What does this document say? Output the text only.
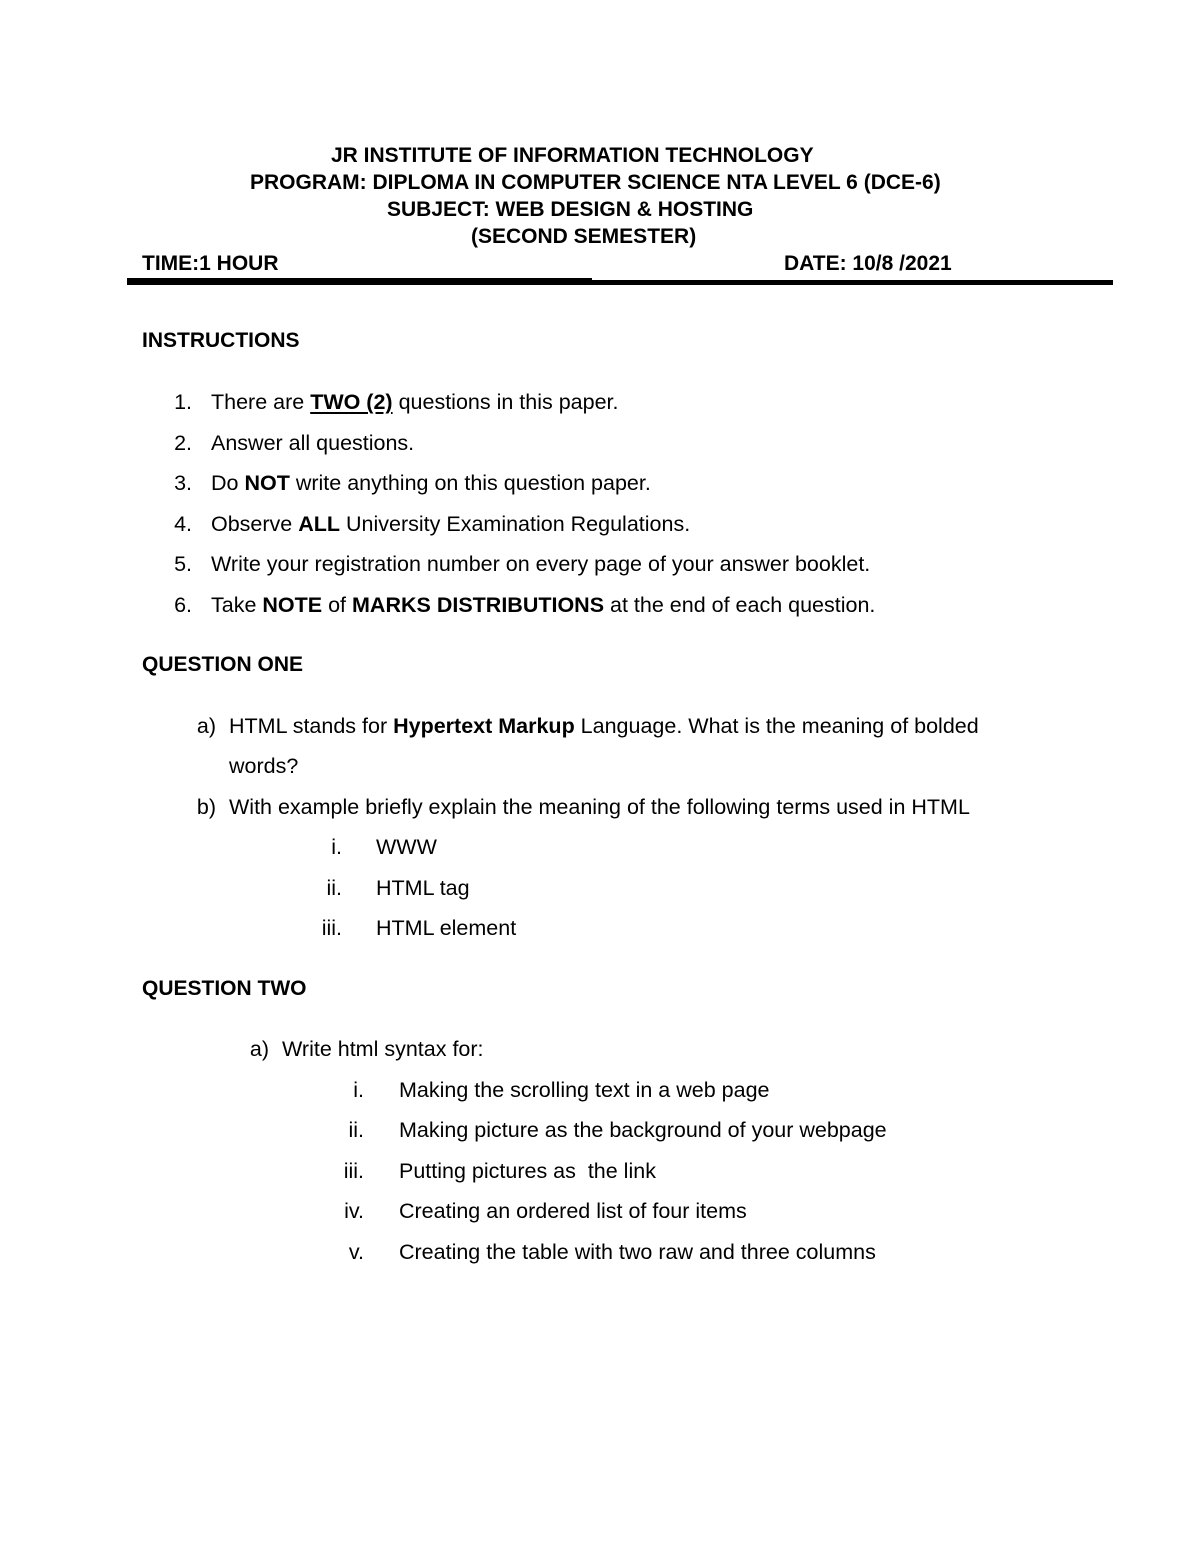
JR INSTITUTE OF INFORMATION TECHNOLOGY
PROGRAM: DIPLOMA IN COMPUTER SCIENCE NTA LEVEL 6 (DCE-6)
SUBJECT: WEB DESIGN & HOSTING
(SECOND SEMESTER)
TIME:1 HOUR	DATE: 10/8 /2021
INSTRUCTIONS
1. There are TWO (2) questions in this paper.
2. Answer all questions.
3. Do NOT write anything on this question paper.
4. Observe ALL University Examination Regulations.
5. Write your registration number on every page of your answer booklet.
6. Take NOTE of MARKS DISTRIBUTIONS at the end of each question.
QUESTION ONE
a) HTML stands for Hypertext Markup Language. What is the meaning of bolded
words?
b) With example briefly explain the meaning of the following terms used in HTML
i. WWW
ii. HTML tag
iii. HTML element
QUESTION TWO
a) Write html syntax for:
i. Making the scrolling text in a web page
ii. Making picture as the background of your webpage
iii. Putting pictures as  the link
iv. Creating an ordered list of four items
v. Creating the table with two raw and three columns
